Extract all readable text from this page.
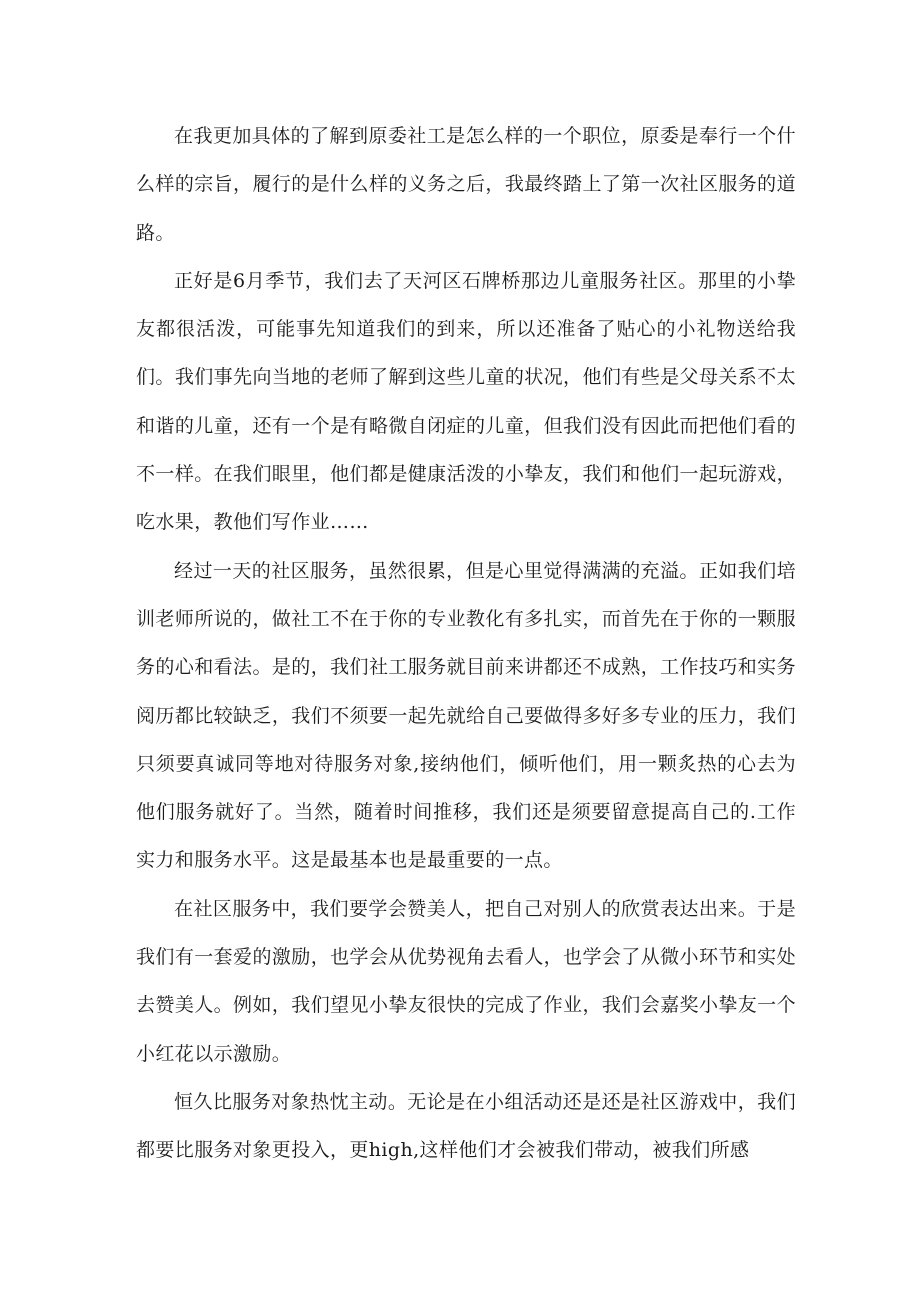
在我更加具体的了解到原委社工是怎么样的一个职位，原委是奉行一个什么样的宗旨，履行的是什么样的义务之后，我最终踏上了第一次社区服务的道路。

正好是6月季节，我们去了天河区石牌桥那边儿童服务社区。那里的小挚友都很活泼，可能事先知道我们的到来，所以还准备了贴心的小礼物送给我们。我们事先向当地的老师了解到这些儿童的状况，他们有些是父母关系不太和谐的儿童，还有一个是有略微自闭症的儿童，但我们没有因此而把他们看的不一样。在我们眼里，他们都是健康活泼的小挚友，我们和他们一起玩游戏，吃水果，教他们写作业……

经过一天的社区服务，虽然很累，但是心里觉得满满的充溢。正如我们培训老师所说的，做社工不在于你的专业教化有多扎实，而首先在于你的一颗服务的心和看法。是的，我们社工服务就目前来讲都还不成熟，工作技巧和实务阅历都比较缺乏，我们不须要一起先就给自己要做得多好多专业的压力，我们只须要真诚同等地对待服务对象,接纳他们，倾听他们，用一颗炙热的心去为他们服务就好了。当然，随着时间推移，我们还是须要留意提高自己的.工作实力和服务水平。这是最基本也是最重要的一点。

在社区服务中，我们要学会赞美人，把自己对别人的欣赏表达出来。于是我们有一套爱的激励，也学会从优势视角去看人，也学会了从微小环节和实处去赞美人。例如，我们望见小挚友很快的完成了作业，我们会嘉奖小挚友一个小红花以示激励。

恒久比服务对象热忱主动。无论是在小组活动还是还是社区游戏中，我们都要比服务对象更投入，更high,这样他们才会被我们带动，被我们所感
